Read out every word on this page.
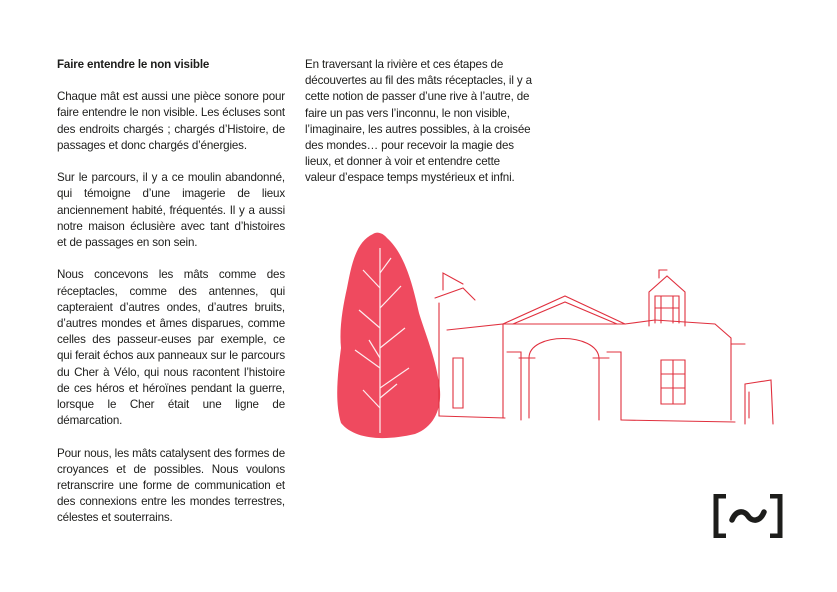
Faire entendre le non visible

Chaque mât est aussi une pièce sonore pour faire entendre le non visible. Les écluses sont des endroits chargés ; chargés d’Histoire, de passages et donc chargés d’énergies.

Sur le parcours, il y a ce moulin abandonné, qui témoigne d’une imagerie de lieux anciennement habité, fréquentés. Il y a aussi notre maison éclusière avec tant d’histoires et de passages en son sein.

Nous concevons les mâts comme des réceptacles, comme des antennes, qui capteraient d’autres ondes, d’autres bruits, d’autres mondes et âmes disparues, comme celles des passeur-euses par exemple, ce qui ferait échos aux panneaux sur le parcours du Cher à Vélo, qui nous racontent l’histoire de ces héros et héroïnes pendant la guerre, lorsque le Cher était une ligne de démarcation.

Pour nous, les mâts catalysent des formes de croyances et de possibles. Nous voulons retranscrire une forme de communication et des connexions entre les mondes terrestres, célestes et souterrains.

En traversant la rivière et ces étapes de découvertes au fil des mâts réceptacles, il y a cette notion de passer d’une rive à l’autre, de faire un pas vers l’inconnu, le non visible, l’imaginaire, les autres possibles, à la croisée des mondes… pour recevoir la magie des lieux, et donner à voir et entendre cette valeur d’espace temps mystérieux et infni.
